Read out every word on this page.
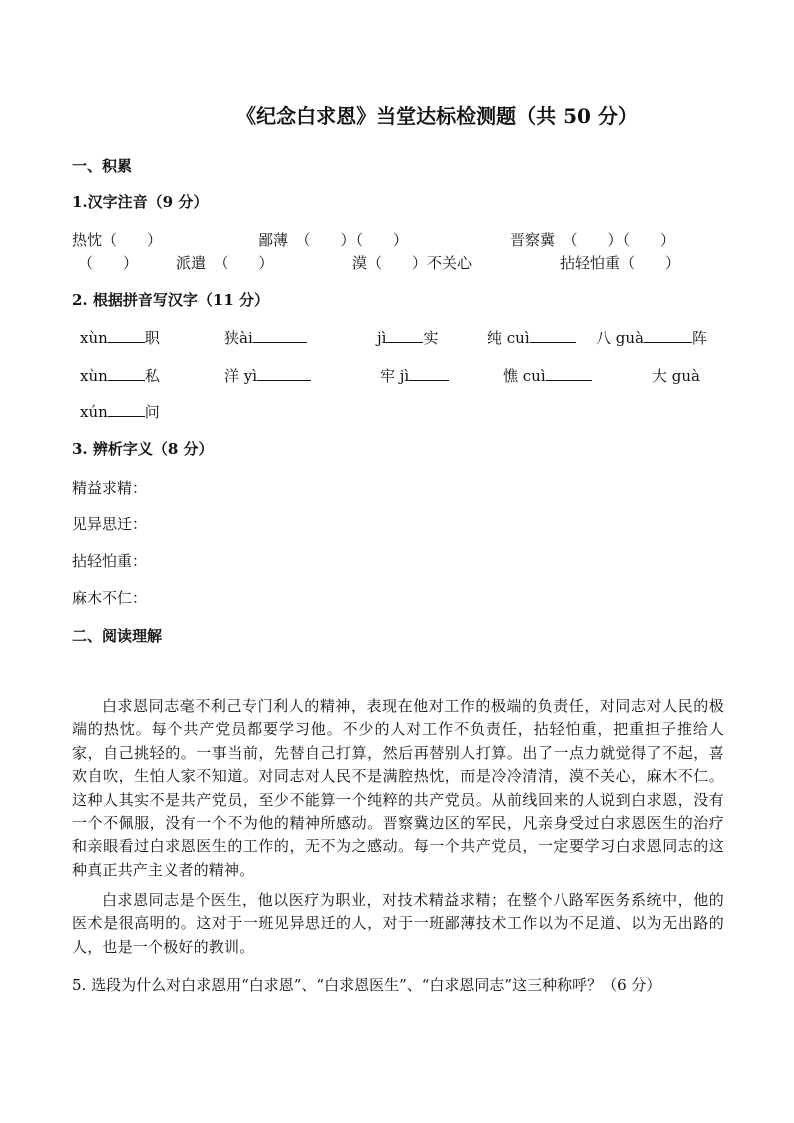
《纪念白求恩》当堂达标检测题（共 50 分）
一、积累
1.汉字注音（9 分）
热忱（　　）	鄙薄　（　　）（　　）	晋察冀　（　　）（　　）
（　　）	派遣　（　　）	漠（　　）不关心	拈轻怕重（　　）
2. 根据拼音写汉字（11 分）
xùn 职	狭ài	jì 实	纯 cuì	八 guà	阵
xùn 私	洋 yì	牢 jì	憔 cuì	大 guà
xún 问
3. 辨析字义（8 分）
精益求精：
见异思迁：
拈轻怕重：
麻木不仁：
二、阅读理解
白求恩同志毫不利己专门利人的精神，表现在他对工作的极端的负责任，对同志对人民的极端的热忱。每个共产党员都要学习他。不少的人对工作不负责任，拈轻怕重，把重担子推给人家，自己挑轻的。一事当前，先替自己打算，然后再替别人打算。出了一点力就觉得了不起，喜欢自吹，生怕人家不知道。对同志对人民不是满腔热忱，而是冷冷清清，漠不关心，麻木不仁。这种人其实不是共产党员，至少不能算一个纯粹的共产党员。从前线回来的人说到白求恩，没有一个不佩服，没有一个不为他的精神所感动。晋察冀边区的军民，凡亲身受过白求恩医生的治疗和亲眼看过白求恩医生的工作的，无不为之感动。每一个共产党员，一定要学习白求恩同志的这种真正共产主义者的精神。
白求恩同志是个医生，他以医疗为职业，对技术精益求精；在整个八路军医务系统中，他的医术是很高明的。这对于一班见异思迁的人，对于一班鄙薄技术工作以为不足道、以为无出路的人，也是一个极好的教训。
5. 选段为什么对白求恩用“白求恩”、“白求恩医生”、“白求恩同志”这三种称呼？（6 分）
